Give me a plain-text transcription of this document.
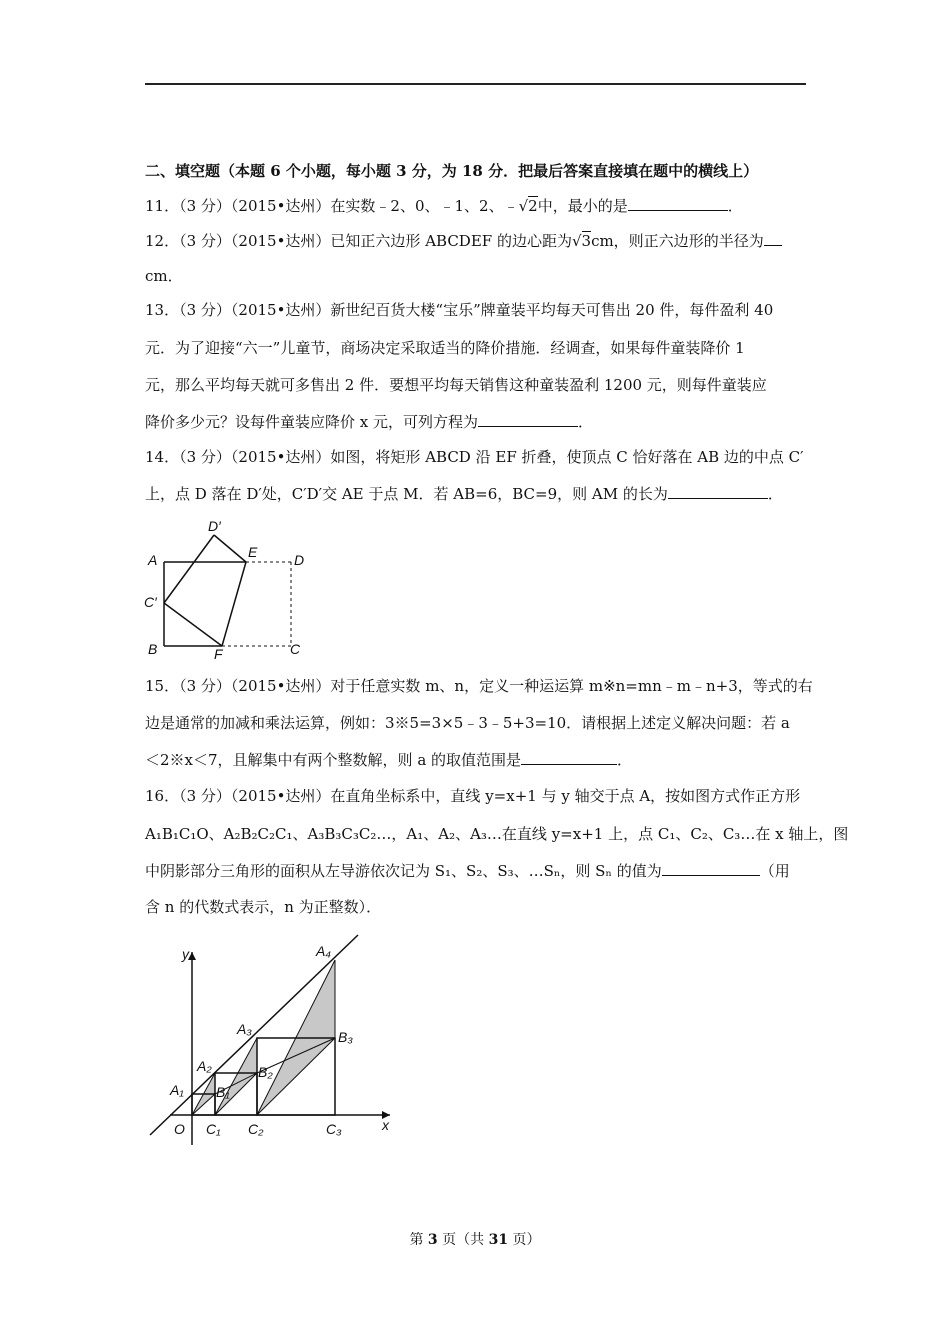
二、填空题（本题 6 个小题，每小题 3 分，为 18 分．把最后答案直接填在题中的横线上）
11．（3 分）（2015•达州）在实数﹣2、0、﹣1、2、﹣√2中，最小的是	．
12．（3 分）（2015•达州）已知正六边形 ABCDEF 的边心距为√3cm，则正六边形的半径为
cm．
13．（3 分）（2015•达州）新世纪百货大楼“宝乐”牌童装平均每天可售出 20 件，每件盈利 40
元．为了迎接“六一”儿童节，商场决定采取适当的降价措施．经调查，如果每件童装降价 1
元，那么平均每天就可多售出 2 件．要想平均每天销售这种童装盈利 1200 元，则每件童装应
降价多少元？设每件童装应降价 x 元，可列方程为	．
14．（3 分）（2015•达州）如图，将矩形 ABCD 沿 EF 折叠，使顶点 C 恰好落在 AB 边的中点 C′
上，点 D 落在 D′处，C′D′交 AE 于点 M．若 AB=6，BC=9，则 AM 的长为	．
A
B	C
D
E
F
C′
D′
15．（3 分）（2015•达州）对于任意实数 m、n，定义一种运运算 m※n=mn﹣m﹣n+3，等式的右
边是通常的加减和乘法运算，例如：3※5=3×5﹣3﹣5+3=10．请根据上述定义解决问题：若 a
＜2※x＜7，且解集中有两个整数解，则 a 的取值范围是	．
16．（3 分）（2015•达州）在直角坐标系中，直线 y=x+1 与 y 轴交于点 A，按如图方式作正方形
A₁B₁C₁O、A₂B₂C₂C₁、A₃B₃C₃C₂…，A₁、A₂、A₃…在直线 y=x+1 上，点 C₁、C₂、C₃…在 x 轴上，图
中阴影部分三角形的面积从左导游依次记为 S₁、S₂、S₃、…Sₙ，则 Sₙ 的值为	（用
含 n 的代数式表示，n 为正整数）．
y
x
O
A₁
A₂
A₃
A₄
B₁
B₂
B₃
C₁ C₂	C₃
第 3 页（共 31 页）
